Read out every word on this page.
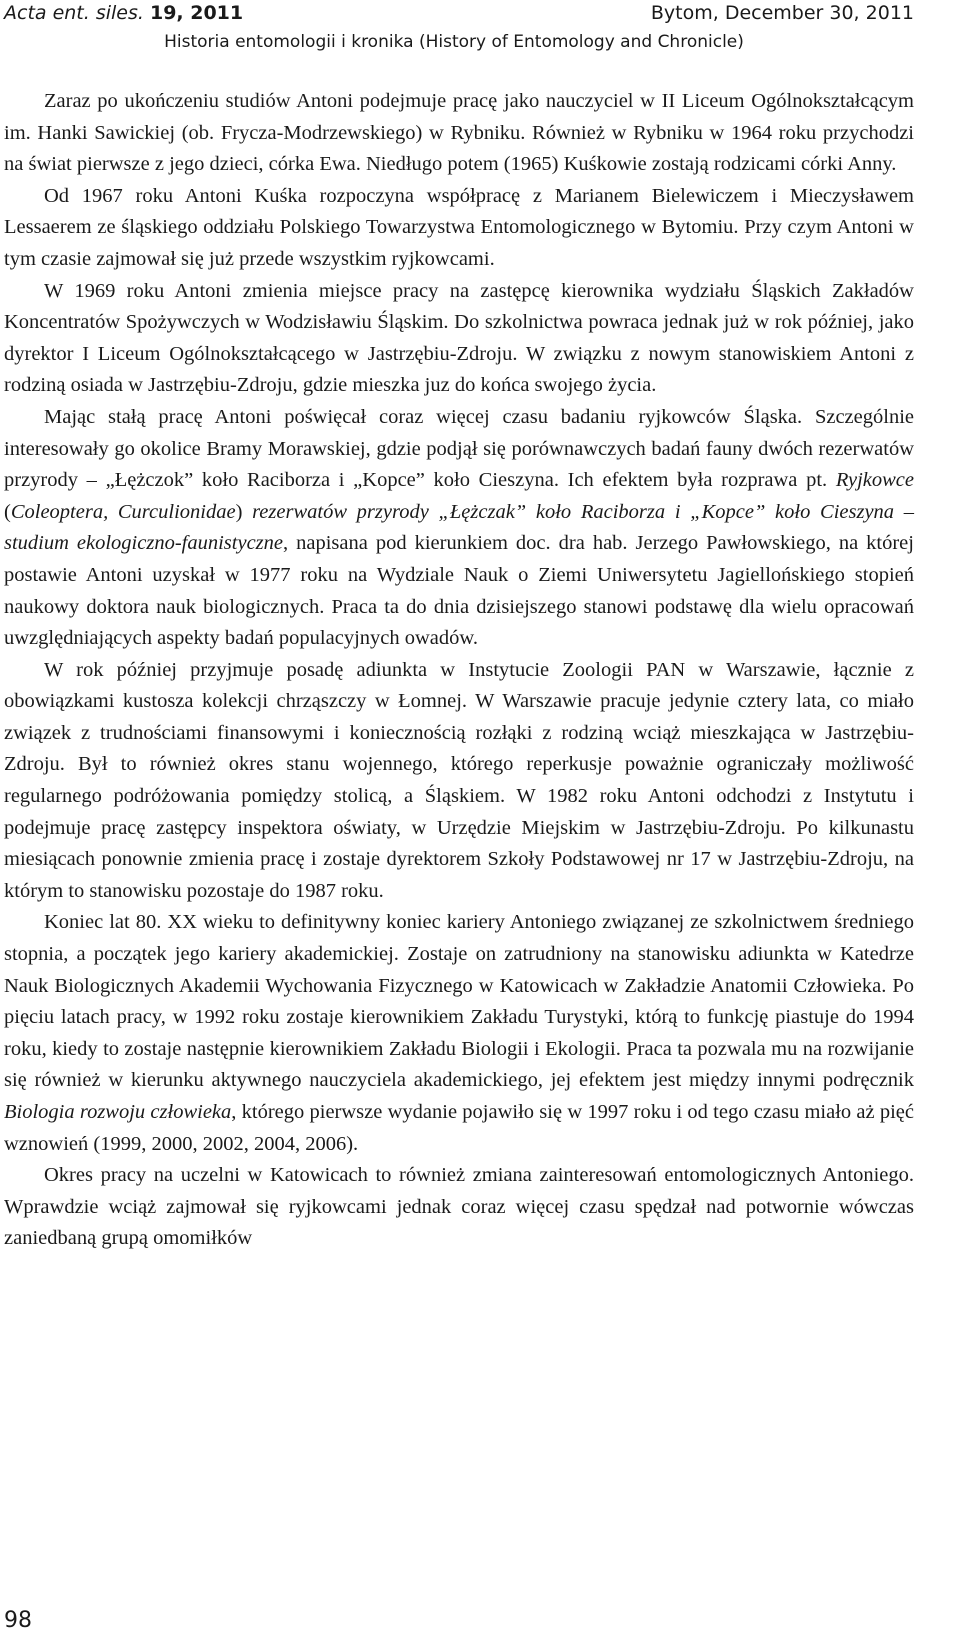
Acta ent. siles. 19, 2011	Bytom, December 30, 2011
Historia entomologii i kronika (History of Entomology and Chronicle)

Zaraz po ukończeniu studiów Antoni podejmuje pracę jako nauczyciel w II Liceum Ogólnokształcącym im. Hanki Sawickiej (ob. Frycza-Modrzewskiego) w Rybniku. Również w Rybniku w 1964 roku przychodzi na świat pierwsze z jego dzieci, córka Ewa. Niedługo potem (1965) Kuśkowie zostają rodzicami córki Anny.

Od 1967 roku Antoni Kuśka rozpoczyna współpracę z Marianem Bielewiczem i Mieczysławem Lessaerem ze śląskiego oddziału Polskiego Towarzystwa Entomologicznego w Bytomiu. Przy czym Antoni w tym czasie zajmował się już przede wszystkim ryjkowcami.

W 1969 roku Antoni zmienia miejsce pracy na zastępcę kierownika wydziału Śląskich Zakładów Koncentratów Spożywczych w Wodzisławiu Śląskim. Do szkolnictwa powraca jednak już w rok później, jako dyrektor I Liceum Ogólnokształcącego w Jastrzębiu-Zdroju. W związku z nowym stanowiskiem Antoni z rodziną osiada w Jastrzębiu-Zdroju, gdzie mieszka juz do końca swojego życia.

Mając stałą pracę Antoni poświęcał coraz więcej czasu badaniu ryjkowców Śląska. Szczególnie interesowały go okolice Bramy Morawskiej, gdzie podjął się porównawczych badań fauny dwóch rezerwatów przyrody – „Łężczok” koło Raciborza i „Kopce” koło Cieszyna. Ich efektem była rozprawa pt. Ryjkowce (Coleoptera, Curculionidae) rezerwatów przyrody „Łężczak” koło Raciborza i „Kopce” koło Cieszyna – studium ekologiczno-faunistyczne, napisana pod kierunkiem doc. dra hab. Jerzego Pawłowskiego, na której postawie Antoni uzyskał w 1977 roku na Wydziale Nauk o Ziemi Uniwersytetu Jagiellońskiego stopień naukowy doktora nauk biologicznych. Praca ta do dnia dzisiejszego stanowi podstawę dla wielu opracowań uwzględniających aspekty badań populacyjnych owadów.

W rok później przyjmuje posadę adiunkta w Instytucie Zoologii PAN w Warszawie, łącznie z obowiązkami kustosza kolekcji chrząszczy w Łomnej. W Warszawie pracuje jedynie cztery lata, co miało związek z trudnościami finansowymi i koniecznością rozłąki z rodziną wciąż mieszkająca w Jastrzębiu-Zdroju. Był to również okres stanu wojennego, którego reperkusje poważnie ograniczały możliwość regularnego podróżowania pomiędzy stolicą, a Śląskiem. W 1982 roku Antoni odchodzi z Instytutu i podejmuje pracę zastępcy inspektora oświaty, w Urzędzie Miejskim w Jastrzębiu-Zdroju. Po kilkunastu miesiącach ponownie zmienia pracę i zostaje dyrektorem Szkoły Podstawowej nr 17 w Jastrzębiu-Zdroju, na którym to stanowisku pozostaje do 1987 roku.

Koniec lat 80. XX wieku to definitywny koniec kariery Antoniego związanej ze szkolnictwem średniego stopnia, a początek jego kariery akademickiej. Zostaje on zatrudniony na stanowisku adiunkta w Katedrze Nauk Biologicznych Akademii Wychowania Fizycznego w Katowicach w Zakładzie Anatomii Człowieka. Po pięciu latach pracy, w 1992 roku zostaje kierownikiem Zakładu Turystyki, którą to funkcję piastuje do 1994 roku, kiedy to zostaje następnie kierownikiem Zakładu Biologii i Ekologii. Praca ta pozwala mu na rozwijanie się również w kierunku aktywnego nauczyciela akademickiego, jej efektem jest między innymi podręcznik Biologia rozwoju człowieka, którego pierwsze wydanie pojawiło się w 1997 roku i od tego czasu miało aż pięć wznowień (1999, 2000, 2002, 2004, 2006).

Okres pracy na uczelni w Katowicach to również zmiana zainteresowań entomologicznych Antoniego. Wprawdzie wciąż zajmował się ryjkowcami jednak coraz więcej czasu spędzał nad potwornie wówczas zaniedbaną grupą omomiłków

98
